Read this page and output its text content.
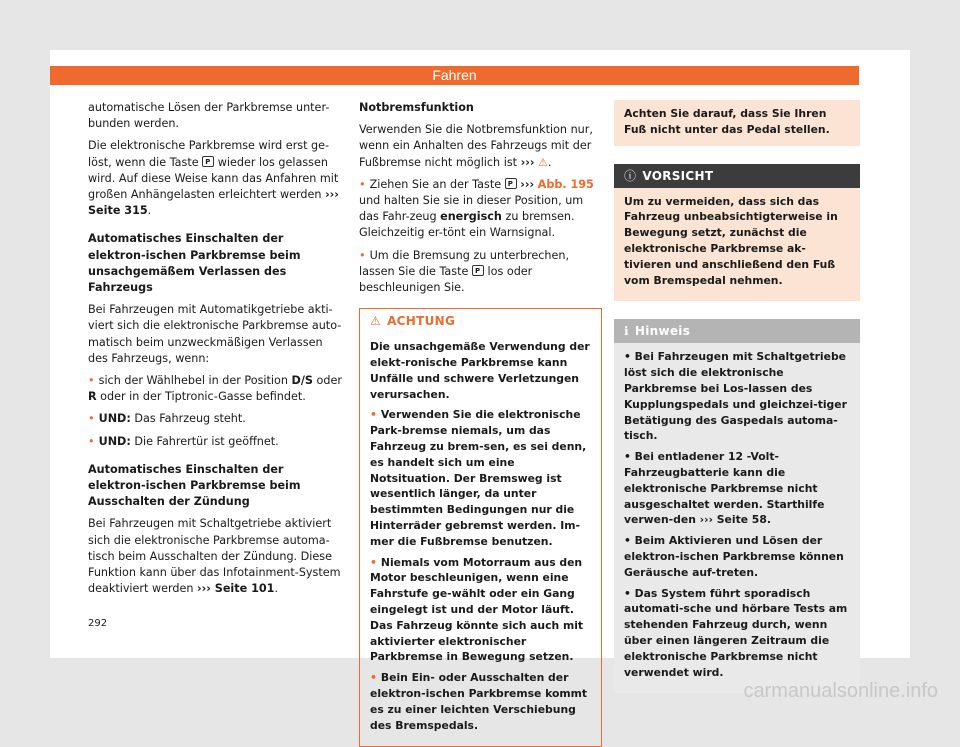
Fahren

automatische Lösen der Parkbremse unter-bunden werden.

Die elektronische Parkbremse wird erst ge-löst, wenn die Taste P wieder los gelassen wird. Auf diese Weise kann das Anfahren mit großen Anhängelasten erleichtert werden ››› Seite 315.

Automatisches Einschalten der elektron-ischen Parkbremse beim unsachgemäßem Verlassen des Fahrzeugs

Bei Fahrzeugen mit Automatikgetriebe akti-viert sich die elektronische Parkbremse auto-matisch beim unzweckmäßigen Verlassen des Fahrzeugs, wenn:

• sich der Wählhebel in der Position D/S oder R oder in der Tiptronic-Gasse befindet.

• UND: Das Fahrzeug steht.

• UND: Die Fahrertür ist geöffnet.

Automatisches Einschalten der elektron-ischen Parkbremse beim Ausschalten der Zündung

Bei Fahrzeugen mit Schaltgetriebe aktiviert sich die elektronische Parkbremse automa-tisch beim Ausschalten der Zündung. Diese Funktion kann über das Infotainment-System deaktiviert werden ››› Seite 101.

Notbremsfunktion

Verwenden Sie die Notbremsfunktion nur, wenn ein Anhalten des Fahrzeugs mit der Fußbremse nicht möglich ist ››› ⚠.

• Ziehen Sie an der Taste P ››› Abb. 195 und halten Sie sie in dieser Position, um das Fahr-zeug energisch zu bremsen. Gleichzeitig er-tönt ein Warnsignal.

• Um die Bremsung zu unterbrechen, lassen Sie die Taste P los oder beschleunigen Sie.

⚠ ACHTUNG

Die unsachgemäße Verwendung der elekt-ronische Parkbremse kann Unfälle und schwere Verletzungen verursachen.

• Verwenden Sie die elektronische Park-bremse niemals, um das Fahrzeug zu brem-sen, es sei denn, es handelt sich um eine Notsituation. Der Bremsweg ist wesentlich länger, da unter bestimmten Bedingungen nur die Hinterräder gebremst werden. Im-mer die Fußbremse benutzen.

• Niemals vom Motorraum aus den Motor beschleunigen, wenn eine Fahrstufe ge-wählt oder ein Gang eingelegt ist und der Motor läuft. Das Fahrzeug könnte sich auch mit aktivierter elektronischer Parkbremse in Bewegung setzen.

• Bein Ein- oder Ausschalten der elektron-ischen Parkbremse kommt es zu einer leichten Verschiebung des Bremspedals.

Achten Sie darauf, dass Sie Ihren Fuß nicht unter das Pedal stellen.
ⓘ VORSICHT

Um zu vermeiden, dass sich das Fahrzeug unbeabsichtigterweise in Bewegung setzt, zunächst die elektronische Parkbremse ak-tivieren und anschließend den Fuß vom Bremspedal nehmen.

ℹ Hinweis

• Bei Fahrzeugen mit Schaltgetriebe löst sich die elektronische Parkbremse bei Los-lassen des Kupplungspedals und gleichzei-tiger Betätigung des Gaspedals automa-tisch.

• Bei entladener 12 -Volt-Fahrzeugbatterie kann die elektronische Parkbremse nicht ausgeschaltet werden. Starthilfe verwen-den ››› Seite 58.

• Beim Aktivieren und Lösen der elektron-ischen Parkbremse können Geräusche auf-treten.

• Das System führt sporadisch automati-sche und hörbare Tests am stehenden Fahrzeug durch, wenn über einen längeren Zeitraum die elektronische Parkbremse nicht verwendet wird.

292
carmanualsonline.info
